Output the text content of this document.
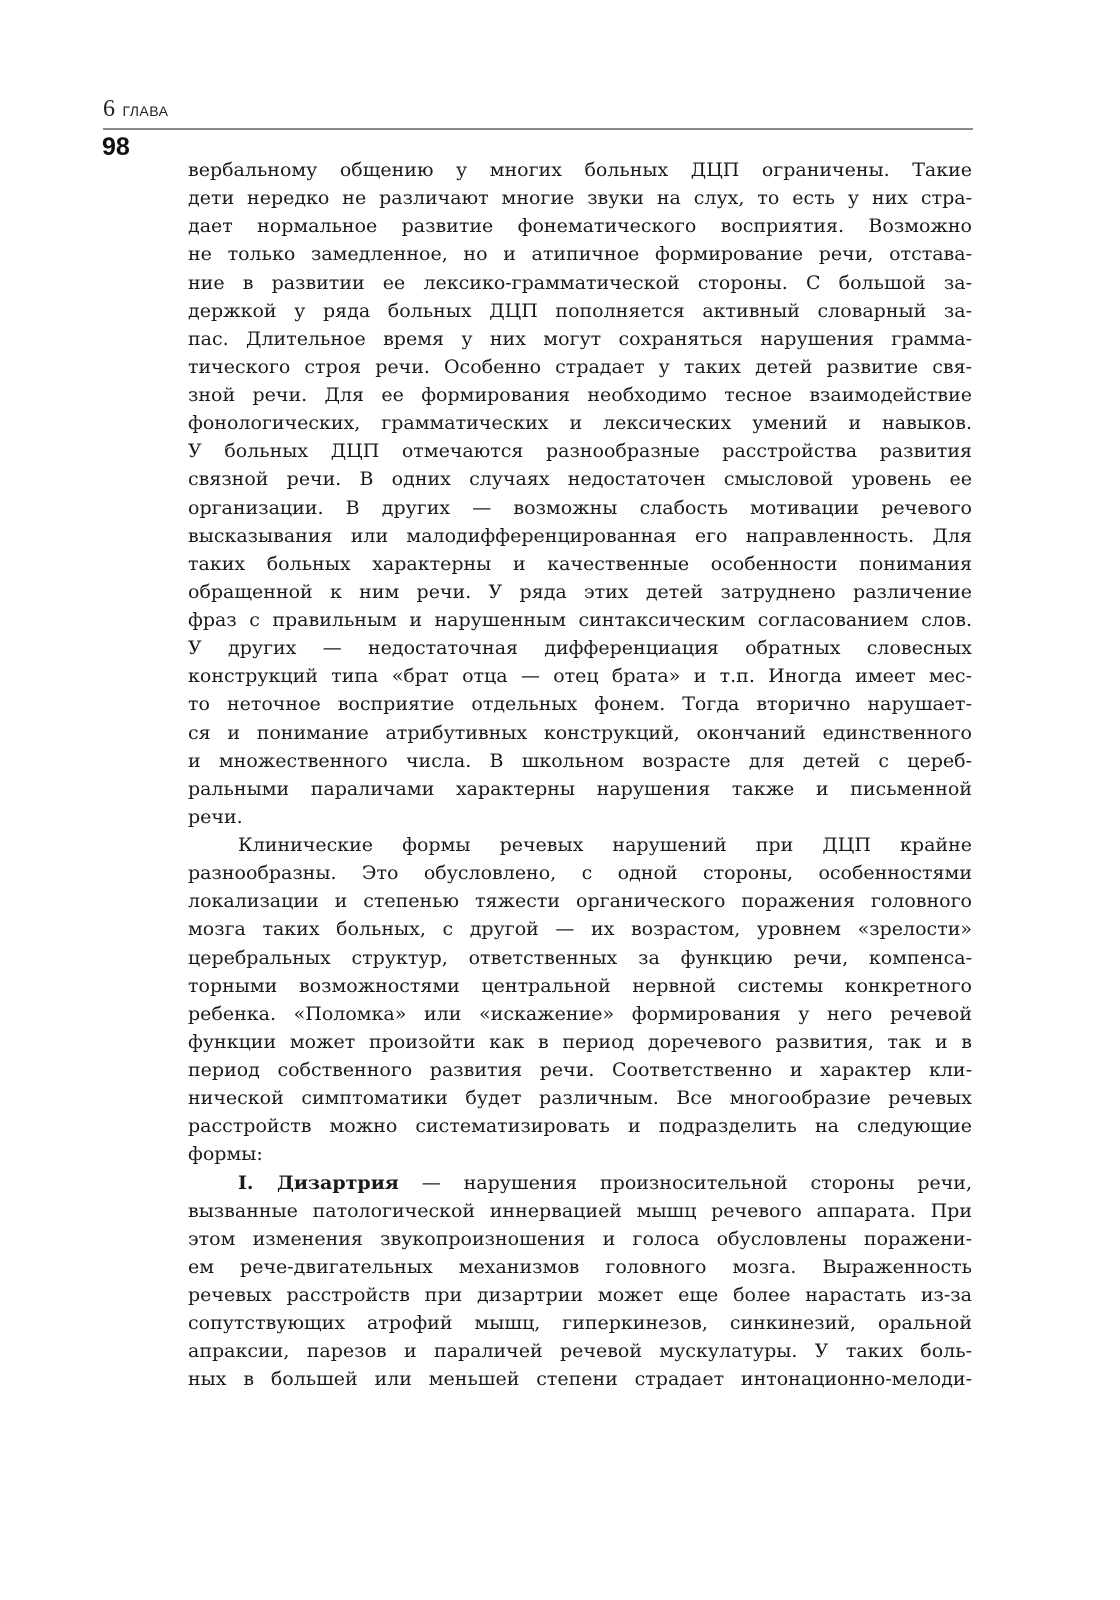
6 ГЛАВА
98
вербальному общению у многих больных ДЦП ограничены. Такие
дети нередко не различают многие звуки на слух, то есть у них стра-
дает нормальное развитие фонематического восприятия. Возможно
не только замедленное, но и атипичное формирование речи, отстава-
ние в развитии ее лексико-грамматической стороны. С большой за-
держкой у ряда больных ДЦП пополняется активный словарный за-
пас. Длительное время у них могут сохраняться нарушения грамма-
тического строя речи. Особенно страдает у таких детей развитие свя-
зной речи. Для ее формирования необходимо тесное взаимодействие
фонологических, грамматических и лексических умений и навыков.
У больных ДЦП отмечаются разнообразные расстройства развития
связной речи. В одних случаях недостаточен смысловой уровень ее
организации. В других — возможны слабость мотивации речевого
высказывания или малодифференцированная его направленность. Для
таких больных характерны и качественные особенности понимания
обращенной к ним речи. У ряда этих детей затруднено различение
фраз с правильным и нарушенным синтаксическим согласованием слов.
У других — недостаточная дифференциация обратных словесных
конструкций типа «брат отца — отец брата» и т.п. Иногда имеет мес-
то неточное восприятие отдельных фонем. Тогда вторично нарушает-
ся и понимание атрибутивных конструкций, окончаний единственного
и множественного числа. В школьном возрасте для детей с цереб-
ральными параличами характерны нарушения также и письменной
речи.
Клинические формы речевых нарушений при ДЦП крайне
разнообразны. Это обусловлено, с одной стороны, особенностями
локализации и степенью тяжести органического поражения головного
мозга таких больных, с другой — их возрастом, уровнем «зрелости»
церебральных структур, ответственных за функцию речи, компенса-
торными возможностями центральной нервной системы конкретного
ребенка. «Поломка» или «искажение» формирования у него речевой
функции может произойти как в период доречевого развития, так и в
период собственного развития речи. Соответственно и характер кли-
нической симптоматики будет различным. Все многообразие речевых
расстройств можно систематизировать и подразделить на следующие
формы:
I. Дизартрия — нарушения произносительной стороны речи,
вызванные патологической иннервацией мышц речевого аппарата. При
этом изменения звукопроизношения и голоса обусловлены поражени-
ем рече-двигательных механизмов головного мозга. Выраженность
речевых расстройств при дизартрии может еще более нарастать из-за
сопутствующих атрофий мышц, гиперкинезов, синкинезий, оральной
апраксии, парезов и параличей речевой мускулатуры. У таких боль-
ных в большей или меньшей степени страдает интонационно-мелоди-
